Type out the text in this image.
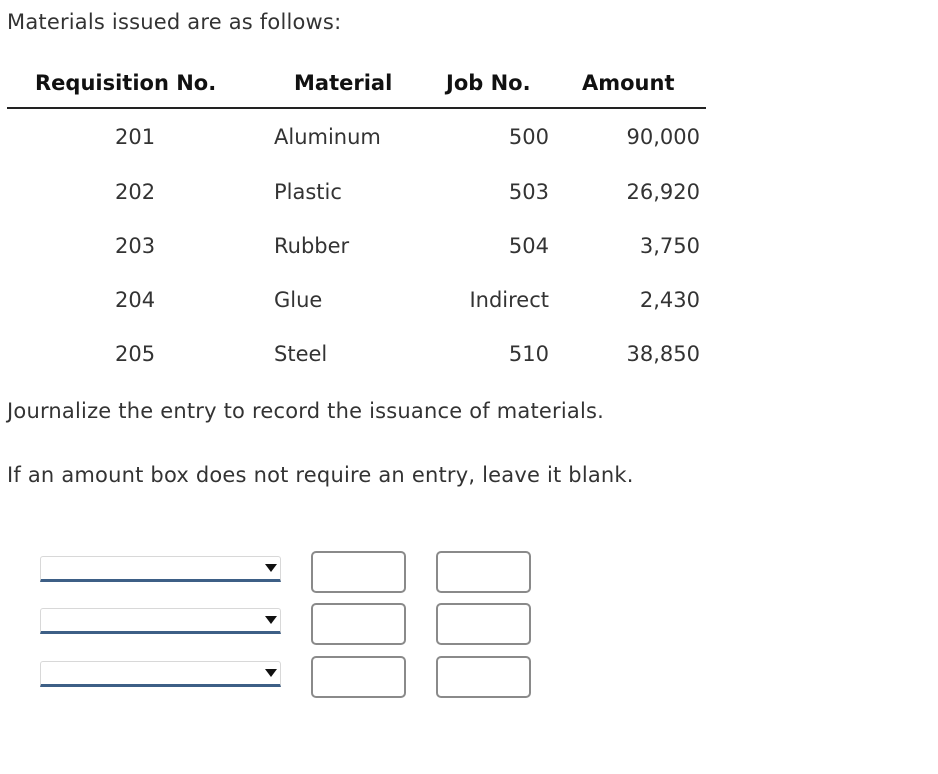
Materials issued are as follows:
Requisition No.	Material	Job No.	Amount
201	Aluminum	500	90,000
202	Plastic	503	26,920
203	Rubber	504	3,750
204	Glue	Indirect	2,430
205	Steel	510	38,850
Journalize the entry to record the issuance of materials.
If an amount box does not require an entry, leave it blank.
